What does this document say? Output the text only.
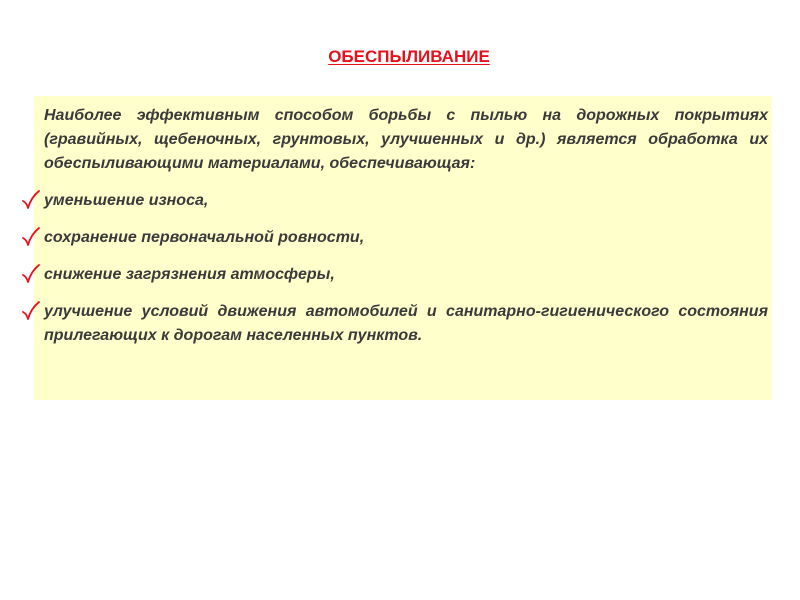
ОБЕСПЫЛИВАНИЕ

Наиболее эффективным способом борьбы с пылью на дорожных покрытиях (гравийных, щебеночных, грунтовых, улучшенных и др.) является обработка их обеспыливающими материалами, обеспечивающая:

уменьшение износа,
сохранение первоначальной ровности,
снижение загрязнения атмосферы,
улучшение условий движения автомобилей и санитарно-гигиенического состояния прилегающих к дорогам населенных пунктов.
